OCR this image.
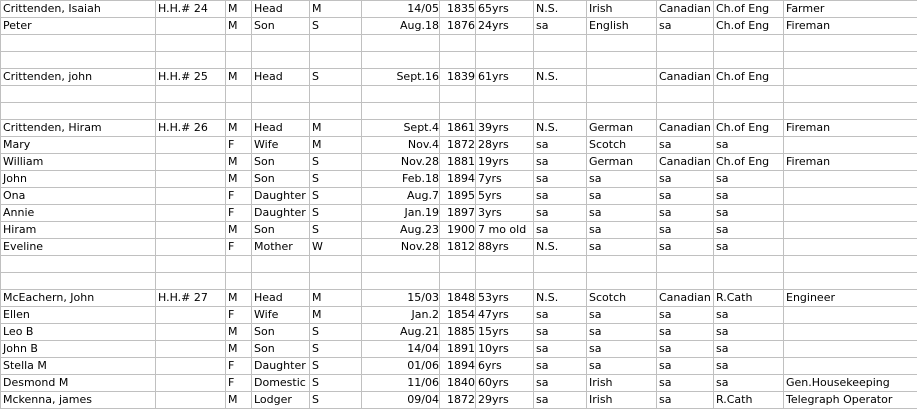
Crittenden, Isaiah	H.H.# 24	M	Head	M	14/05	1835	65yrs	N.S.	Irish	Canadian	Ch.of Eng	Farmer
Peter		M	Son	S	Aug.18	1876	24yrs	sa	English	sa	Ch.of Eng	Fireman

Crittenden, john	H.H.# 25	M	Head	S	Sept.16	1839	61yrs	N.S.		Canadian	Ch.of Eng	

Crittenden, Hiram	H.H.# 26	M	Head	M	Sept.4	1861	39yrs	N.S.	German	Canadian	Ch.of Eng	Fireman
Mary		F	Wife	M	Nov.4	1872	28yrs	sa	Scotch	sa	sa	
William		M	Son	S	Nov.28	1881	19yrs	sa	German	Canadian	Ch.of Eng	Fireman
John		M	Son	S	Feb.18	1894	7yrs	sa	sa	sa	sa	
Ona		F	Daughter	S	Aug.7	1895	5yrs	sa	sa	sa	sa	
Annie		F	Daughter	S	Jan.19	1897	3yrs	sa	sa	sa	sa	
Hiram		M	Son	S	Aug.23	1900	7 mo old	sa	sa	sa	sa	
Eveline		F	Mother	W	Nov.28	1812	88yrs	N.S.	sa	sa	sa	

McEachern, John	H.H.# 27	M	Head	M	15/03	1848	53yrs	N.S.	Scotch	Canadian	R.Cath	Engineer
Ellen		F	Wife	M	Jan.2	1854	47yrs	sa	sa	sa	sa	
Leo B		M	Son	S	Aug.21	1885	15yrs	sa	sa	sa	sa	
John B		M	Son	S	14/04	1891	10yrs	sa	sa	sa	sa	
Stella M		F	Daughter	S	01/06	1894	6yrs	sa	sa	sa	sa	
Desmond M		F	Domestic	S	11/06	1840	60yrs	sa	Irish	sa	sa	Gen.Housekeeping
Mckenna, james		M	Lodger	S	09/04	1872	29yrs	sa	Irish	sa	R.Cath	Telegraph Operator
